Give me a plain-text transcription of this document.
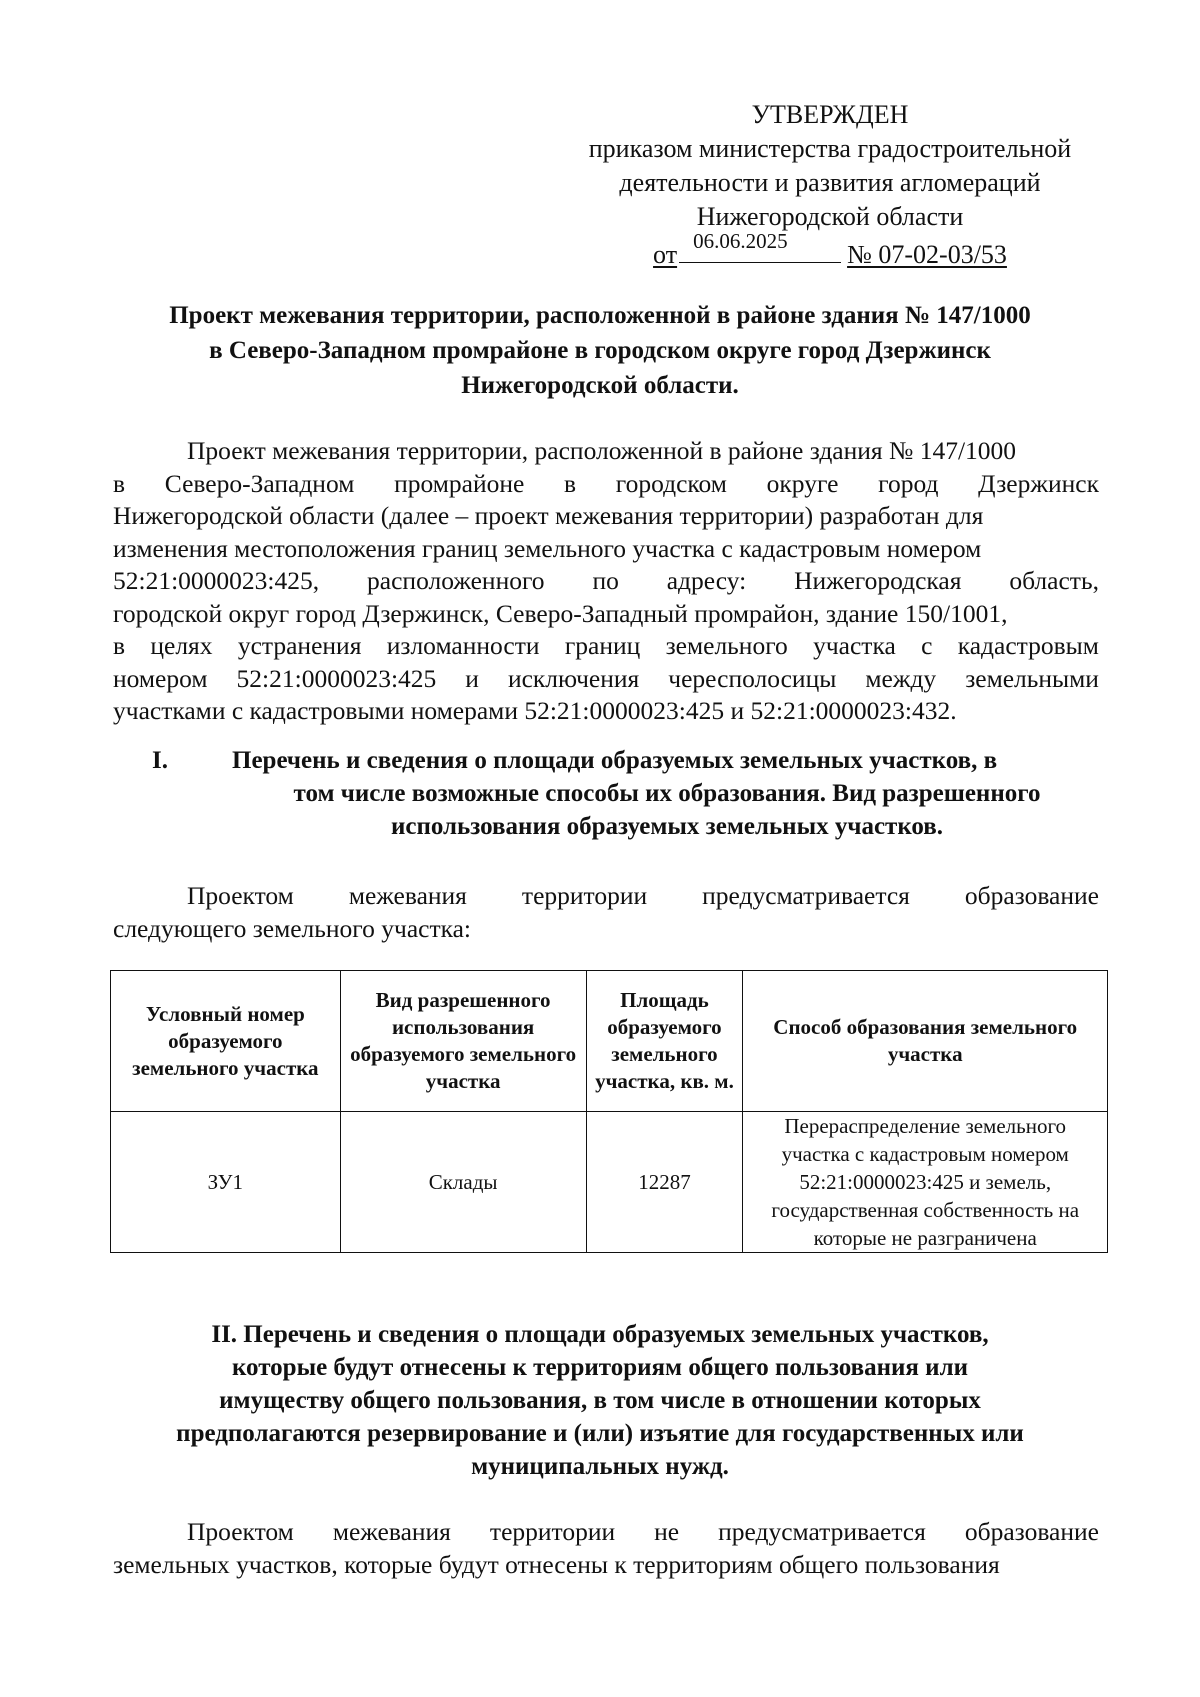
УТВЕРЖДЕН
приказом министерства градостроительной
деятельности и развития агломераций
Нижегородской области
от 06.06.2025 № 07-02-03/53
Проект межевания территории, расположенной в районе здания № 147/1000
в Северо-Западном промрайоне в городском округе город Дзержинск
Нижегородской области.
Проект межевания территории, расположенной в районе здания № 147/1000
в Северо-Западном промрайоне в городском округе город Дзержинск
Нижегородской области (далее – проект межевания территории) разработан для
изменения местоположения границ земельного участка с кадастровым номером
52:21:0000023:425, расположенного по адресу: Нижегородская область,
городской округ город Дзержинск, Северо-Западный промрайон, здание 150/1001,
в целях устранения изломанности границ земельного участка с кадастровым
номером 52:21:0000023:425 и исключения чересполосицы между земельными
участками с кадастровыми номерами 52:21:0000023:425 и 52:21:0000023:432.
I.	Перечень и сведения о площади образуемых земельных участков, в
том числе возможные способы их образования. Вид разрешенного
использования образуемых земельных участков.
Проектом межевания территории предусматривается образование
следующего земельного участка:
Условный номер образуемого земельного участка	Вид разрешенного использования образуемого земельного участка	Площадь образуемого земельного участка, кв. м.	Способ образования земельного участка
ЗУ1	Склады	12287	Перераспределение земельного участка с кадастровым номером 52:21:0000023:425 и земель, государственная собственность на которые не разграничена
II. Перечень и сведения о площади образуемых земельных участков,
которые будут отнесены к территориям общего пользования или
имуществу общего пользования, в том числе в отношении которых
предполагаются резервирование и (или) изъятие для государственных или
муниципальных нужд.
Проектом межевания территории не предусматривается образование
земельных участков, которые будут отнесены к территориям общего пользования
